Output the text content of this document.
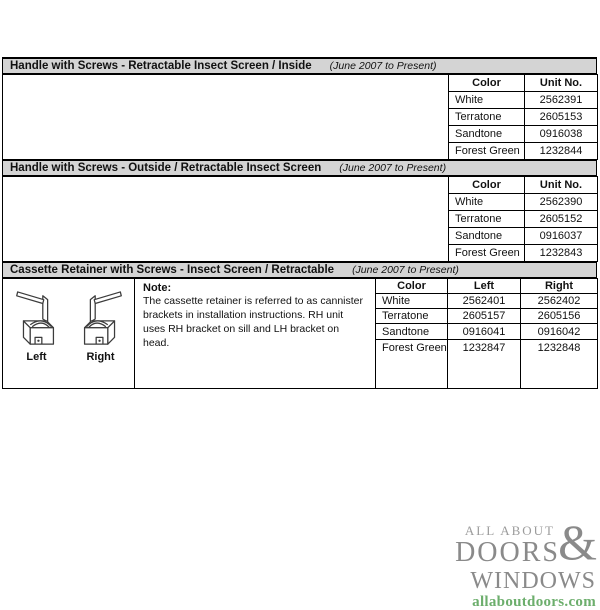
Handle with Screws - Retractable Insect Screen / Inside (June 2007 to Present)
	Color	Unit No.
	White	2562391
	Terratone	2605153
	Sandtone	0916038
	Forest Green	1232844
Handle with Screws - Outside / Retractable Insect Screen (June 2007 to Present)
	Color	Unit No.
	White	2562390
	Terratone	2605152
	Sandtone	0916037
	Forest Green	1232843
Cassette Retainer with Screws - Insect Screen / Retractable (June 2007 to Present)
Left	Right

Note:
The cassette retainer is referred to as cannister brackets in installation instructions. RH unit uses RH bracket on sill and LH bracket on head.
	Color	Left	Right
		White	2562401	2562402
		Terratone	2605157	2605156
		Sandtone	0916041	0916042
		Forest Green	1232847	1232848
ALL ABOUT &
DOORS
WINDOWS
allaboutdoors.com
